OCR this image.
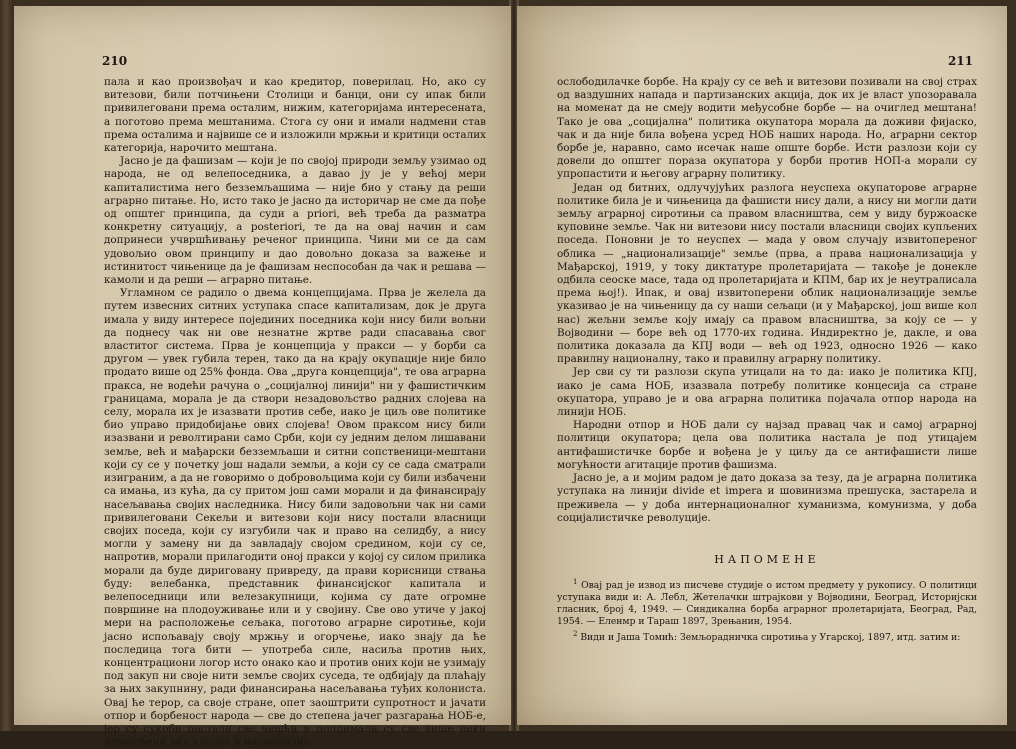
210

пала и као произвођач и као кредитор, поверилац. Но, ако су витезови, били потчињени Столици и банци, они су ипак били привилеговани према осталим, нижим, категоријама интересената, а поготово према мештанима. Стога су они и имали надмени став према осталима и највише се и изложили мржњи и критици осталих категорија, нарочито мештана.

Јасно је да фашизам — који је по својој природи земљу узимао од народа, не од велепоседника, а давао ју је у већој мери капиталистима него безземљашима — није био у стању да реши аграрно питање. Но, исто тако је јасно да историчар не сме да пође од општег принципа, да суди a priori, већ треба да разматра конкретну ситуацију, a posteriori, те да на овај начин и сам допринеси учвршћивању реченог принципа. Чини ми се да сам удовољио овом принципу и дао довољно доказа за важење и истинитост чињенице да је фашизам неспособан да чак и решава — камоли и да реши — аграрно питање.

Угламном се радило о двема концепцијама. Прва је желела да путем извесних ситних уступака спасе капитализам, док је друга имала у виду интересе појединих поседника који нису били вољни да поднесу чак ни ове незнатне жртве ради спасавања свог властитог система. Прва је концепција у пракси — у борби са другом — увек губила терен, тако да на крају окупације није било продато више од 25% фонда. Ова „друга концепција", те ова аграрна пракса, не водећи рачуна о „социјалној линији" ни у фашистичким границама, морала је да створи незадовољство радних слојева на селу, морала их је изазвати против себе, иако је циљ ове политике био управо придобијање ових слојева! Овом праксом нису били изазвани и револтирани само Срби, који су једним делом лишавани земље, већ и мађарски безземљаши и ситни сопственици-мештани који су се у почетку још надали земљи, а који су се сада сматрали изиграним, а да не говоримо о добровољцима који су били избачени са имања, из кућа, да су притом још сами морали и да финансирају насељавања својих наследника. Нису били задовољни чак ни сами привилеговани Секељи и витезови који нису постали власници својих поседа, који су изгубили чак и право на селидбу, а нису могли у замену ни да завладају својом средином, који су се, напротив, морали прилагодити оној пракси у којој су силом прилика морали да буде диригованy привреду, да прави корисници ствања буду: велебанка, представник финансијског капитала и велепоседници или велезакупници, којима су дате огромне површине на плодоуживање или и у својину. Све ово утиче у јакој мери на расположење сељака, поготово аграрне сиротиње, који јасно испољавају своју мржњу и огорчење, иако знају да ће последица тога бити — употреба силе, насиља против њих, концентрациони логор исто онако као и против оних који не узимају под закуп ни своје нити земље својих суседа, те одбијају да плаћају за њих закупнину, ради финансирања насељавања туђих колониста. Овај ће терор, са своје стране, опет заоштрити супротност и јачати отпор и борбеност народа — све до степена јачег разгарања НОБ-е, јер су сукоби постали све чешћи и попримали су све више неки изменљени вид класне и национално-

211

ослободилачке борбе. На крају су се већ и витезови позивали на свој страх од ваздушних напада и партизанских акција, док их је власт упозоравала на моменат да не смеју водити међусобне борбе — на очиглед мештана! Тако је ова „социјална" политика окупатора морала да доживи фијаско, чак и да није била вођена усред НОБ наших народа. Но, аграрни сектор борбе је, наравно, само исечак наше опште борбе. Исти разлози који су довели до општег пораза окупатора у борби против НОП-а морали су упропастити и његову аграрну политику.

Један од битних, одлучујућих разлога неуспеха окупаторове аграрне политике била је и чињеница да фашисти нису дали, а нису ни могли дати земљу аграрној сиротињи са правом власништва, сем у виду буржоаске куповине земље. Чак ни витезови нису постали власници својих купљених поседа. Поновни је то неуспех — мада у овом случају извитопереног облика — „национализације" земље (прва, а права национализација у Мађарској, 1919, у току диктатуре пролетаријата — такође је донекле одбила сеоске масе, тада од пролетаријата и КПМ, бар их је неутралисала према њој!). Ипак, и овај извитоперени облик национализације земље указивао је на чињеницу да су наши сељаци (и у Мађарској, још више кол нас) жељни земље коју имају са правом власништва, за коју се — у Војводини — боре већ од 1770-их година. Индиректно је, дакле, и ова политика доказала да КПЈ води — већ од 1923, односно 1926 — како правилну националну, тако и правилну аграрну политику.

Јер сви су ти разлози скупа утицали на то да: иако је политика КПЈ, иако је сама НОБ, изазвала потребу политике концесија са стране окупатора, управо је и ова аграрна политика појачала отпор народа на линији НОБ.

Народни отпор и НОБ дали су најзад правац чак и самој аграрној политици окупатора; цела ова политика настала је под утицајем антифашистичке борбе и вођена је у циљу да се антифашисти лише могућности агитације против фашизма.

Јасно је, а и мојим радом је дато доказа за тезу, да је аграрна политика уступака на линији divide et impera и шовинизма прешуска, застарела и преживела — у доба интернационалног хуманизма, комунизма, у доба социјалистичке револуције.

НАПОМЕНЕ

$^1$ Овај рад је извод из писчеве студије о истом предмету у рукопису. О политици уступака види и: А. Лебл, Жетелачки штрајкови у Војводини, Београд, Историјски гласник, број 4, 1949. — Синдикална борба аграрног пролетаријата, Београд, Рад, 1954. — Еленмр и Тараш 1897, Зрењанин, 1954.

$^2$ Види и Јаша Томић: Земљорадничка сиротиња у Угарској, 1897, итд. затим и:
